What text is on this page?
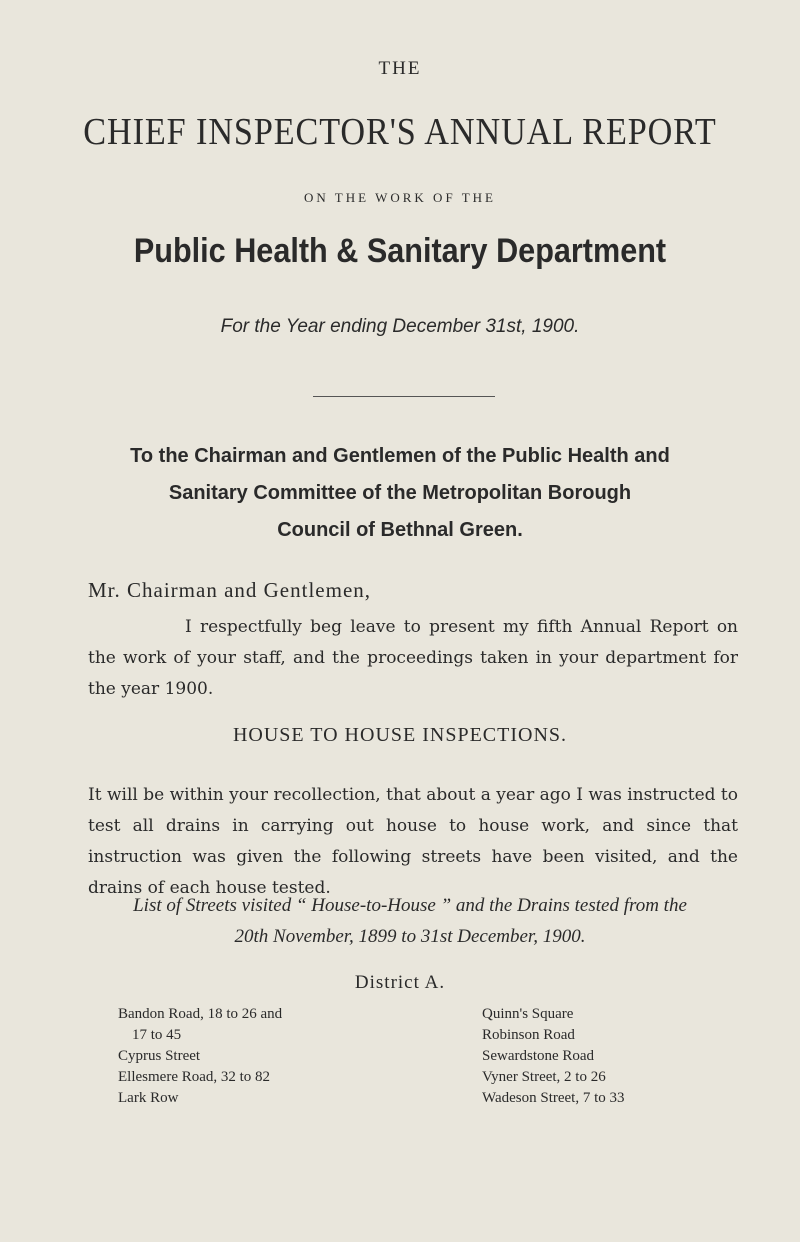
THE
CHIEF INSPECTOR'S ANNUAL REPORT
ON THE WORK OF THE
Public Health & Sanitary Department
For the Year ending December 31st, 1900.
To the Chairman and Gentlemen of the Public Health and
Sanitary Committee of the Metropolitan Borough
Council of Bethnal Green.
Mr. Chairman and Gentlemen,
I respectfully beg leave to present my fifth Annual Report on the work of your staff, and the proceedings taken in your department for the year 1900.
HOUSE TO HOUSE INSPECTIONS.
It will be within your recollection, that about a year ago I was instructed to test all drains in carrying out house to house work, and since that instruction was given the following streets have been visited, and the drains of each house tested.
List of Streets visited “ House-to-House ” and the Drains tested from the
20th November, 1899 to 31st December, 1900.
District A.
Bandon Road, 18 to 26 and
17 to 45
Cyprus Street
Ellesmere Road, 32 to 82
Lark Row
Quinn's Square
Robinson Road
Sewardstone Road
Vyner Street, 2 to 26
Wadeson Street, 7 to 33
